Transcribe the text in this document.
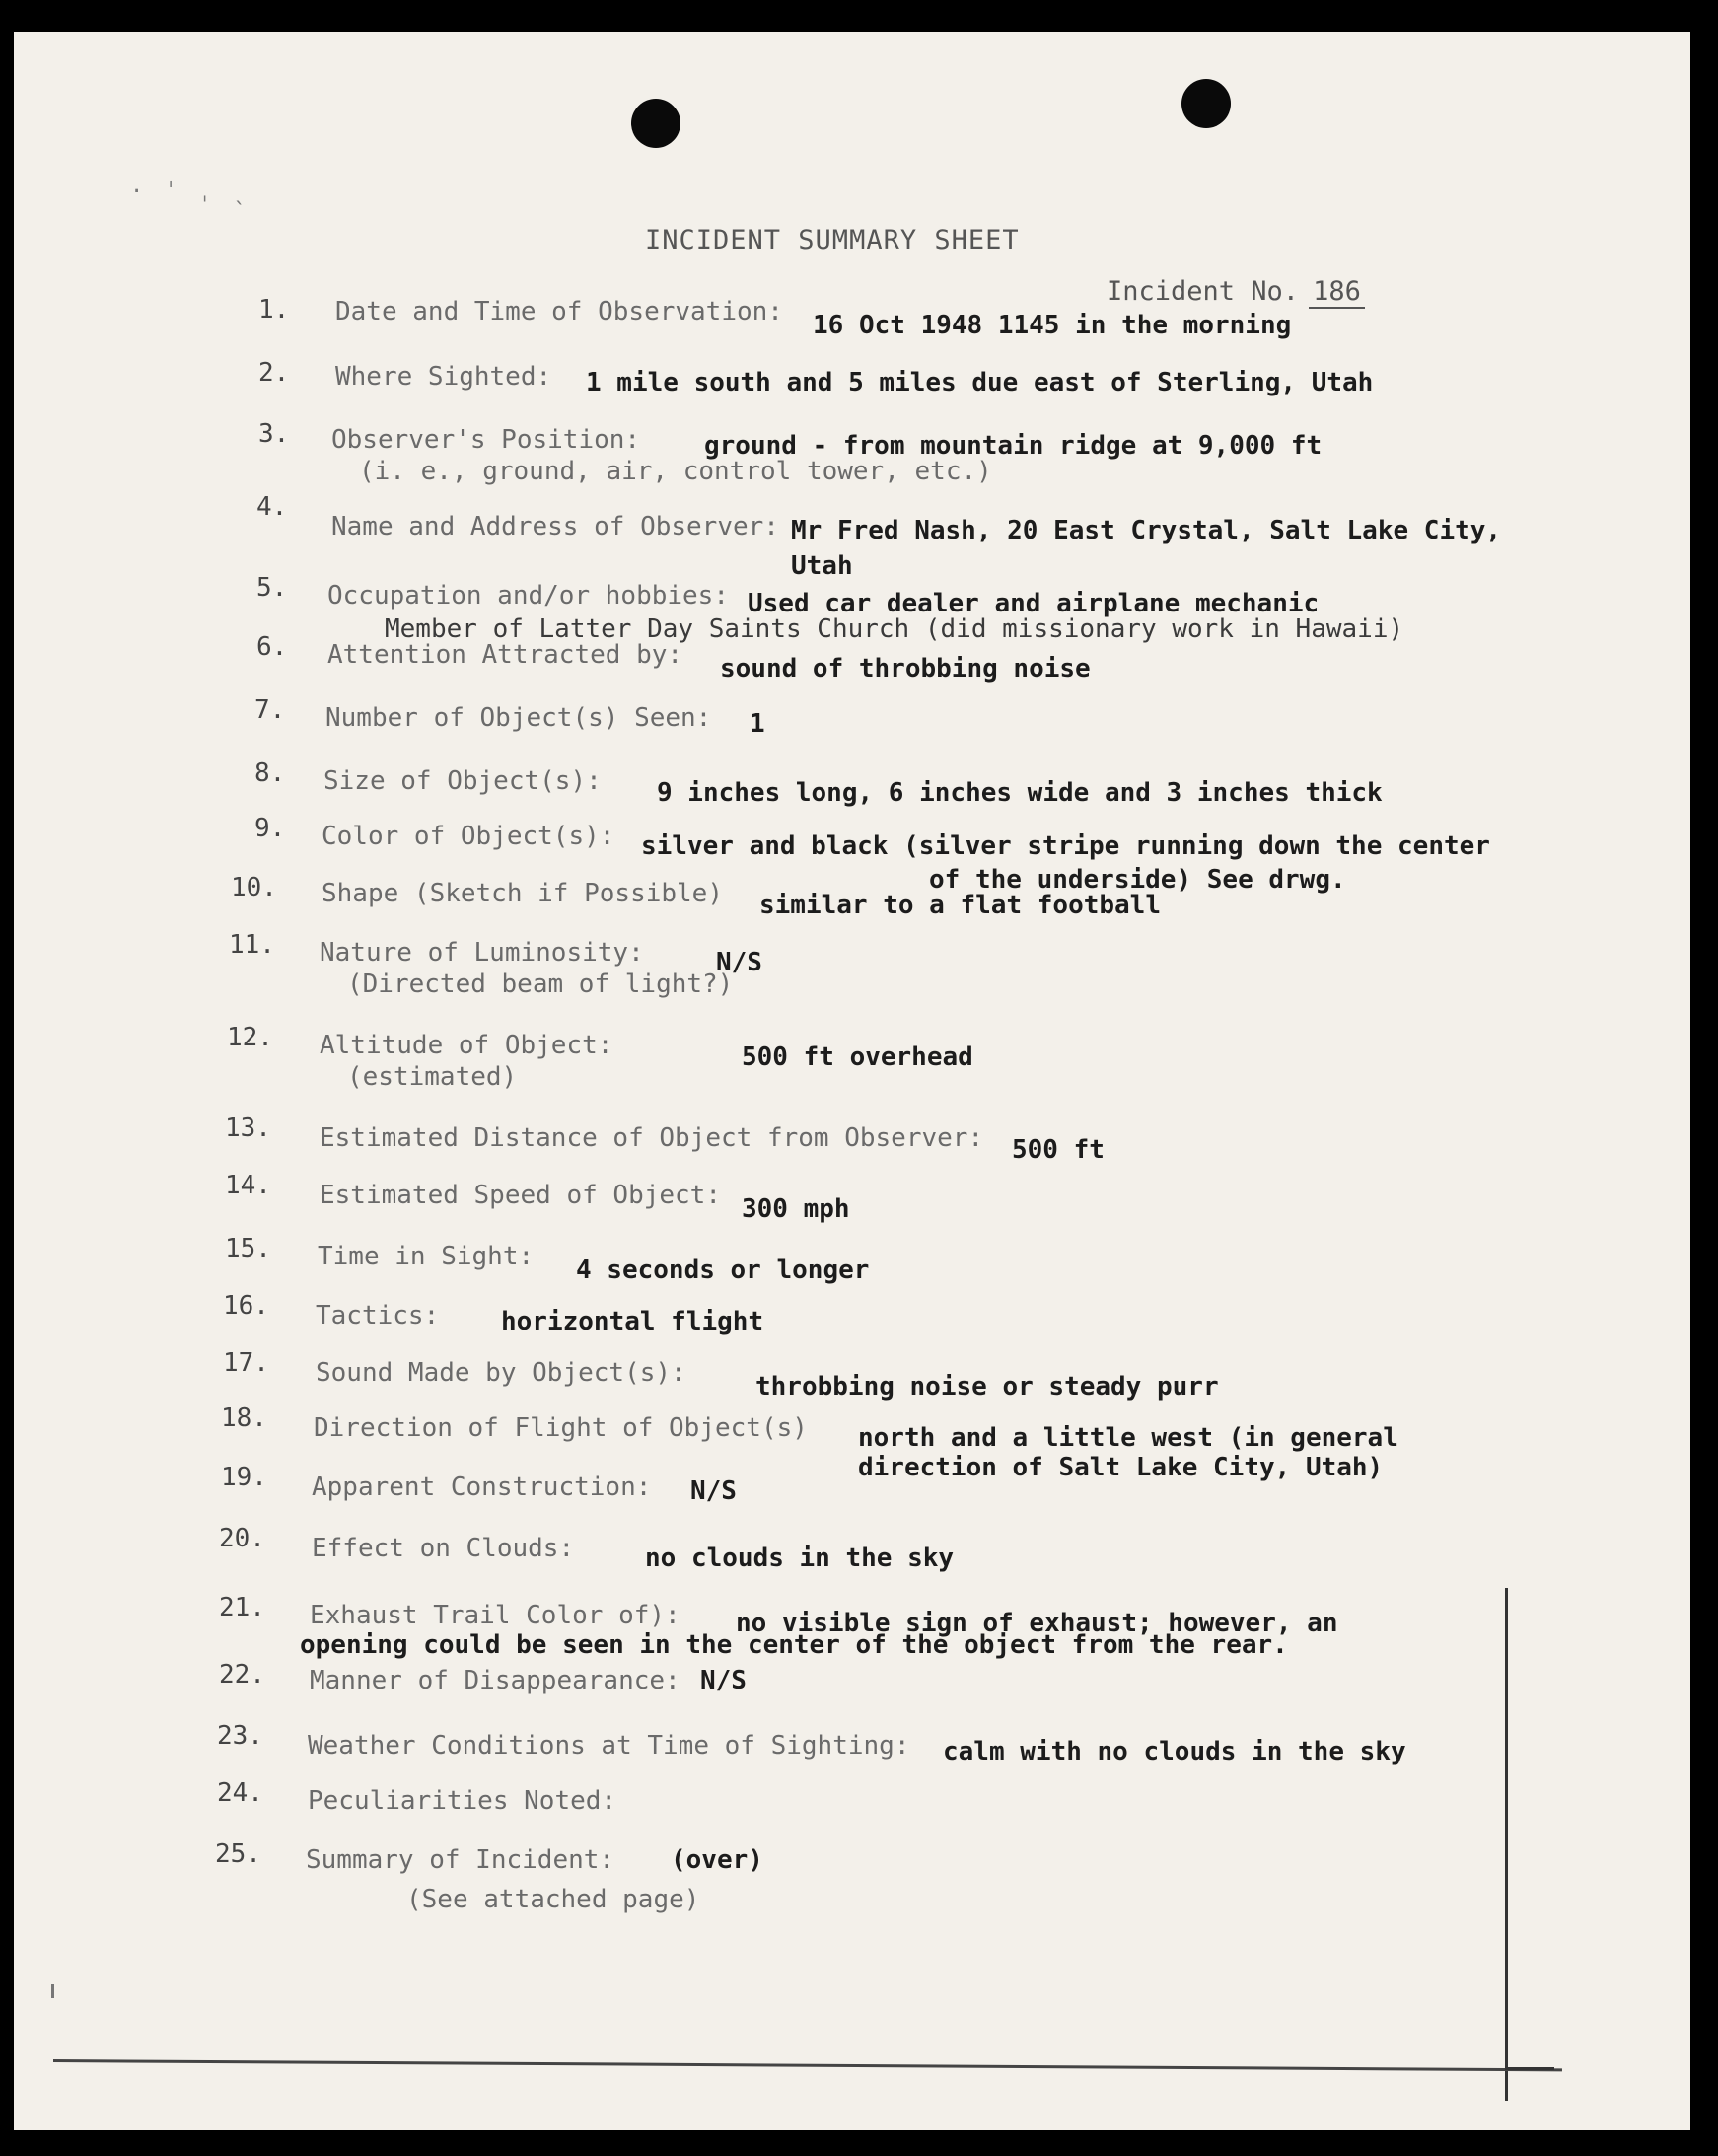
· ˈ ˌ ˎ
INCIDENT SUMMARY SHEET
Incident No. 186
1. Date and Time of Observation: 16 Oct 1948 1145 in the morning
2. Where Sighted: 1 mile south and 5 miles due east of Sterling, Utah
3. Observer's Position:
(i. e., ground, air, control tower, etc.)
ground - from mountain ridge at 9,000 ft
4.
Name and Address of Observer: Mr Fred Nash, 20 East Crystal, Salt Lake City,
Utah
5. Occupation and/or hobbies: Used car dealer and airplane mechanic
Member of Latter Day Saints Church (did missionary work in Hawaii)
6. Attention Attracted by: sound of throbbing noise
7. Number of Object(s) Seen: 1
8. Size of Object(s): 9 inches long, 6 inches wide and 3 inches thick
9. Color of Object(s): silver and black (silver stripe running down the center
of the underside) See drwg.
10. Shape (Sketch if Possible) similar to a flat football
11. Nature of Luminosity:
(Directed beam of light?)
N/S
12. Altitude of Object:
(estimated)
500 ft overhead
13. Estimated Distance of Object from Observer: 500 ft
14. Estimated Speed of Object: 300 mph
15. Time in Sight: 4 seconds or longer
16. Tactics: horizontal flight
17. Sound Made by Object(s):	throbbing noise or steady purr
18. Direction of Flight of Object(s) north and a little west (in general
direction of Salt Lake City, Utah)
19. Apparent Construction: N/S
20. Effect on Clouds:	no clouds in the sky
21. Exhaust Trail Color of): no visible sign of exhaust; however, an
opening could be seen in the center of the object from the rear.
22. Manner of Disappearance: N/S
23. Weather Conditions at Time of Sighting: calm with no clouds in the sky
24. Peculiarities Noted:
25. Summary of Incident:
(See attached page)
(over)
